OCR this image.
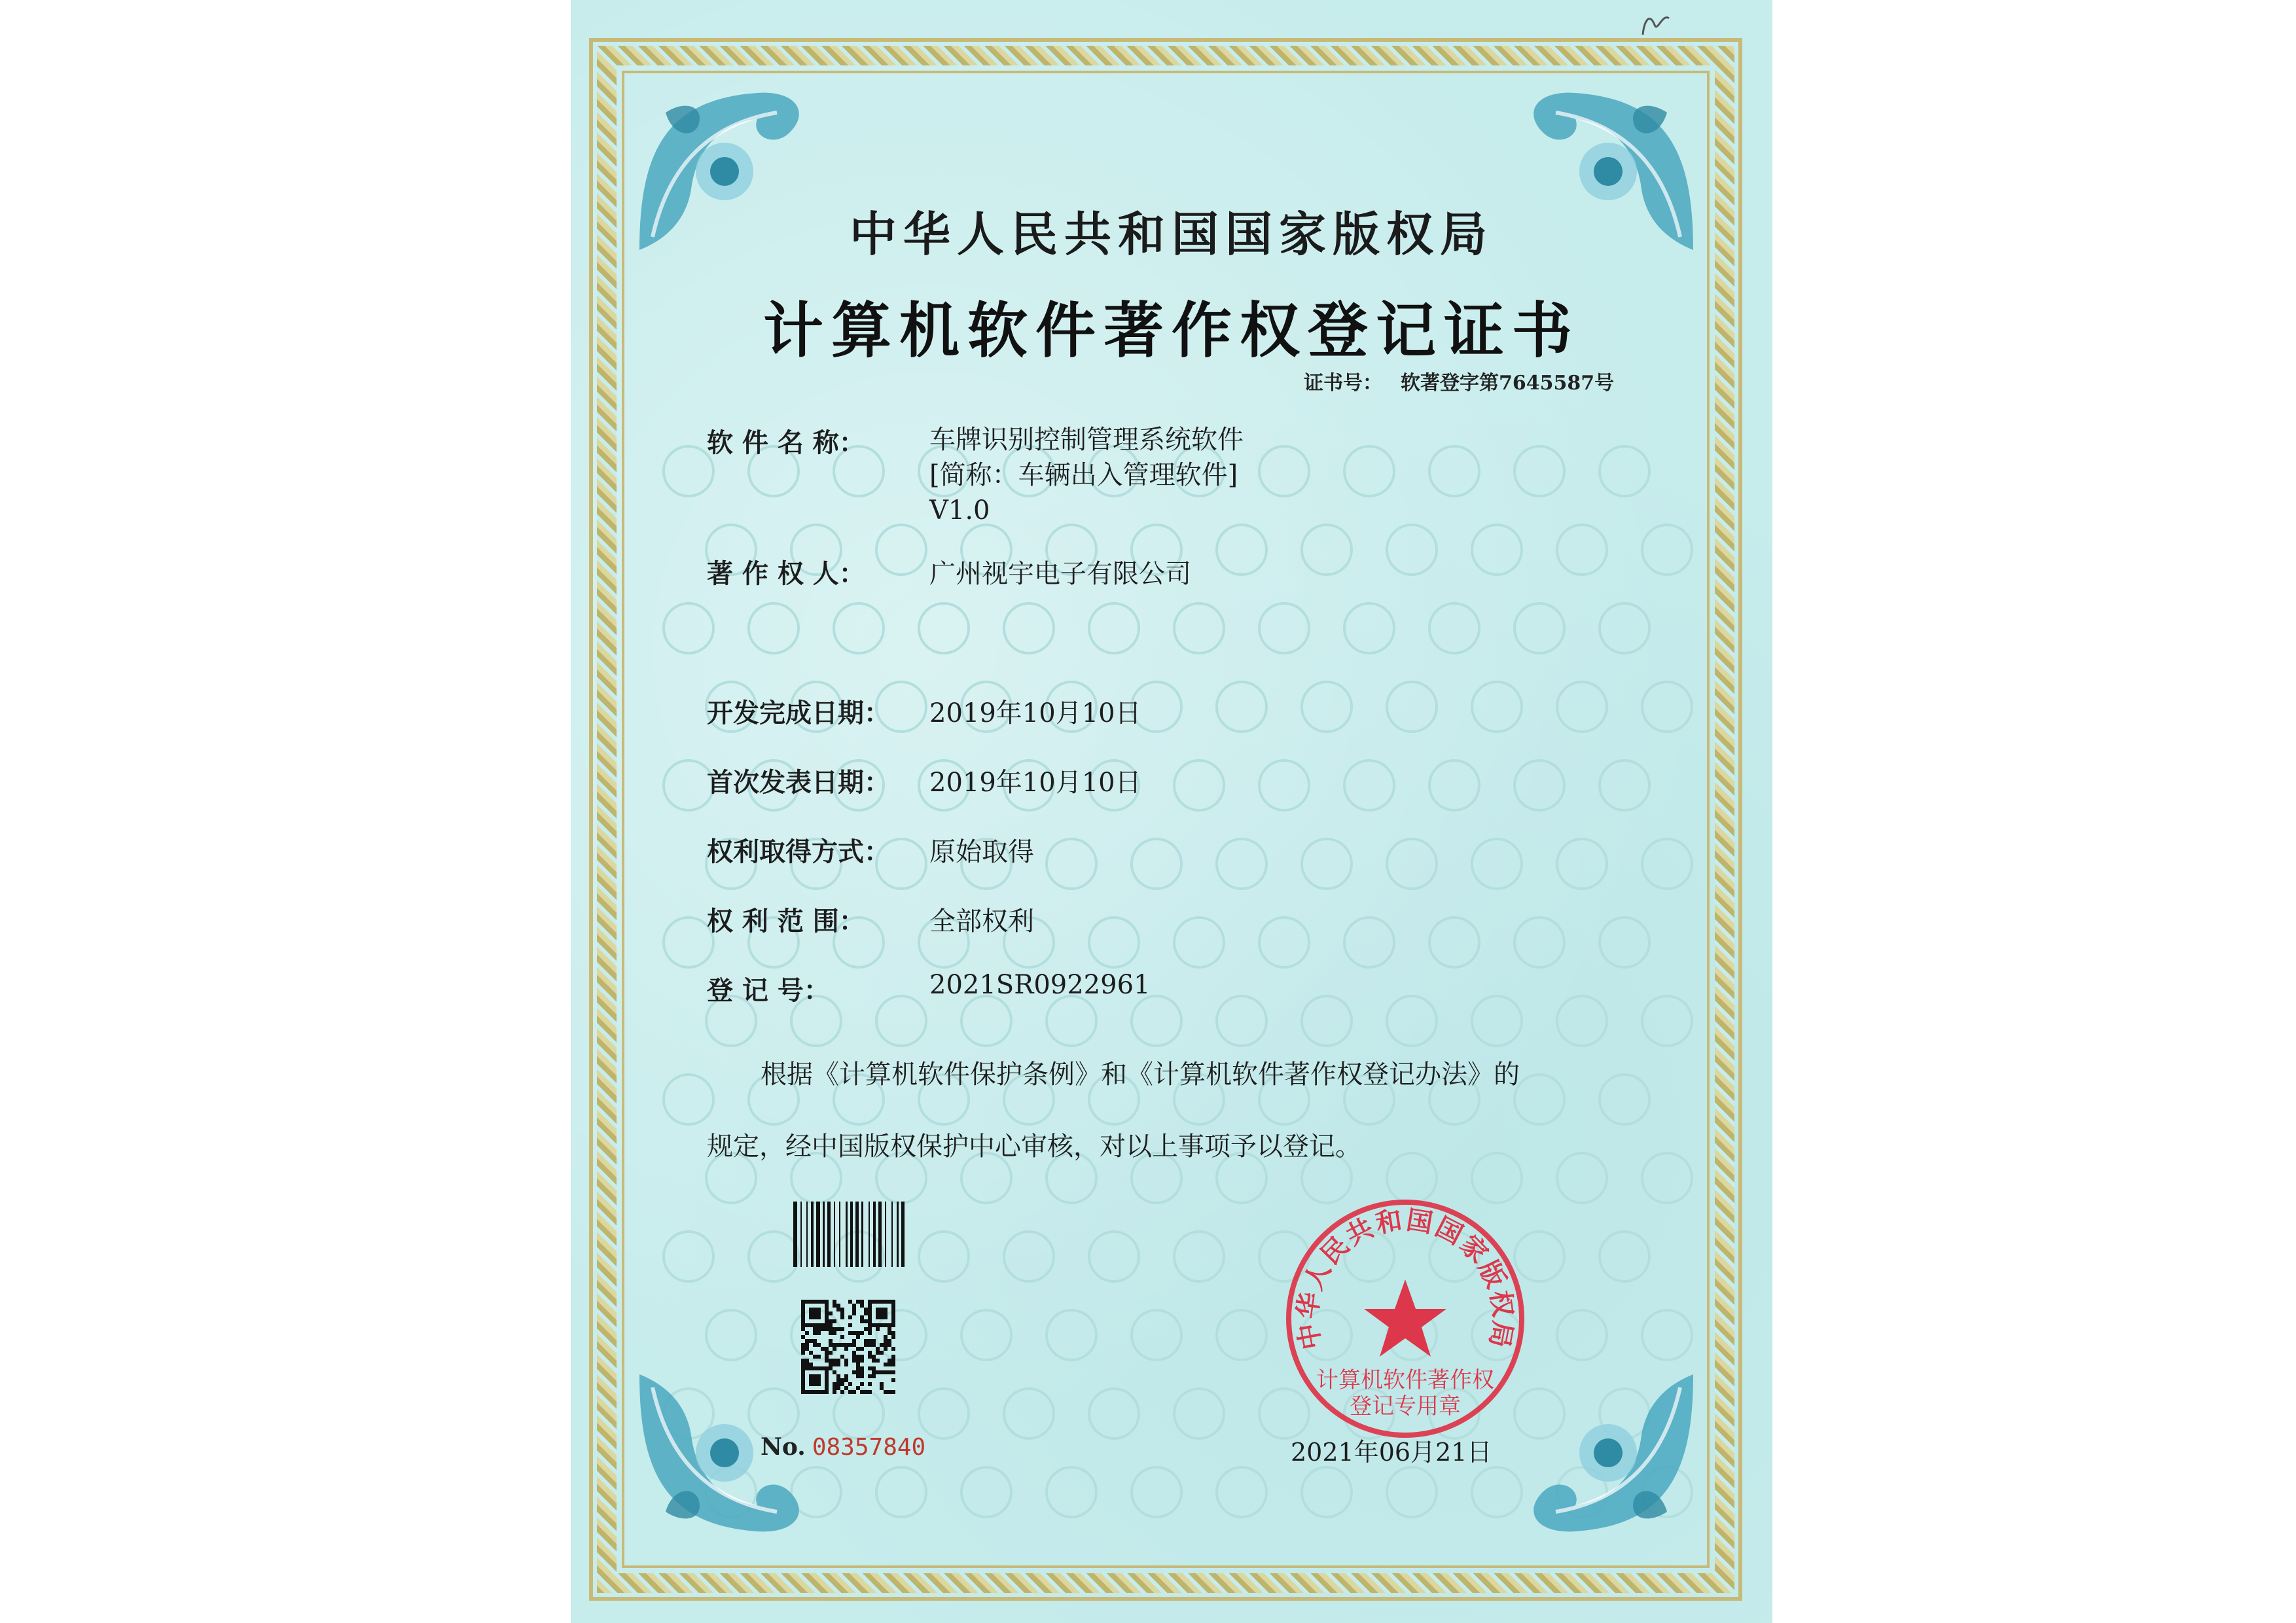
中华人民共和国国家版权局
计算机软件著作权登记证书
证书号： 软著登字第7645587号
软 件 名 称： 车牌识别控制管理系统软件
[简称：车辆出入管理软件]
V1.0
著 作 权 人： 广州视宇电子有限公司
开发完成日期： 2019年10月10日
首次发表日期： 2019年10月10日
权利取得方式： 原始取得
权 利 范 围： 全部权利
登 记 号：	2021SR0922961
根据《计算机软件保护条例》和《计算机软件著作权登记办法》的
规定，经中国版权保护中心审核，对以上事项予以登记。
No. 08357840
中华人民共和国国家版权局
计算机软件著作权
登记专用章
2021年06月21日
